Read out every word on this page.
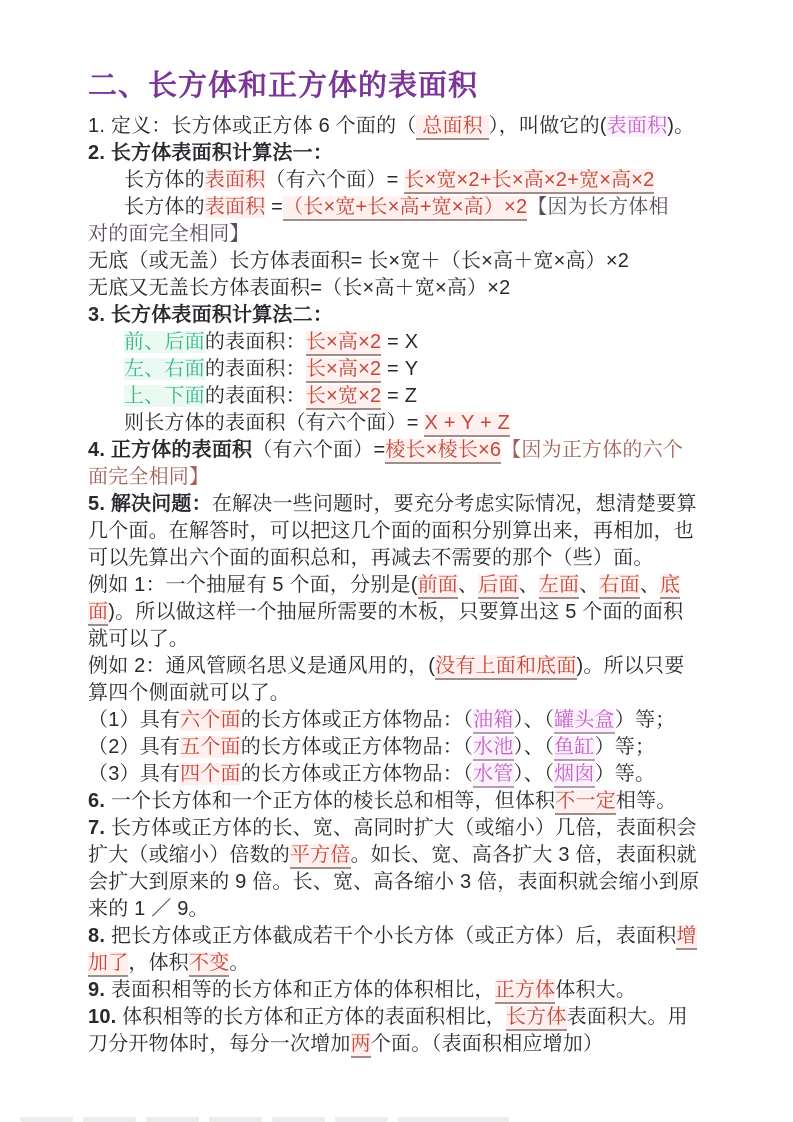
二、长方体和正方体的表面积
1. 定义：长方体或正方体 6 个面的（ 总面积 ），叫做它的(表面积)。
2. 长方体表面积计算法一：
长方体的表面积（有六个面）= 长×宽×2+长×高×2+宽×高×2
长方体的表面积 =（长×宽+长×高+宽×高）×2【因为长方体相
对的面完全相同】
无底（或无盖）长方体表面积= 长×宽＋（长×高＋宽×高）×2
无底又无盖长方体表面积=（长×高＋宽×高）×2
3. 长方体表面积计算法二：
前、后面的表面积：长×高×2 = X
左、右面的表面积：长×高×2 = Y
上、下面的表面积：长×宽×2 = Z
则长方体的表面积（有六个面）= X + Y + Z
4. 正方体的表面积（有六个面）=棱长×棱长×6【因为正方体的六个
面完全相同】
5. 解决问题：在解决一些问题时，要充分考虑实际情况，想清楚要算
几个面。在解答时，可以把这几个面的面积分别算出来，再相加，也
可以先算出六个面的面积总和，再减去不需要的那个（些）面。
例如 1：一个抽屉有 5 个面，分别是(前面、后面、左面、右面、底
面)。所以做这样一个抽屉所需要的木板，只要算出这 5 个面的面积
就可以了。
例如 2：通风管顾名思义是通风用的，(没有上面和底面)。所以只要
算四个侧面就可以了。
（1）具有六个面的长方体或正方体物品：（油箱）、（罐头盒）等；
（2）具有五个面的长方体或正方体物品：（水池）、（鱼缸）等；
（3）具有四个面的长方体或正方体物品：（水管）、（烟囱）等。
6. 一个长方体和一个正方体的棱长总和相等，但体积不一定相等。
7. 长方体或正方体的长、宽、高同时扩大（或缩小）几倍，表面积会
扩大（或缩小）倍数的平方倍。如长、宽、高各扩大 3 倍，表面积就
会扩大到原来的 9 倍。长、宽、高各缩小 3 倍，表面积就会缩小到原
来的 1 ／ 9。
8. 把长方体或正方体截成若干个小长方体（或正方体）后，表面积增
加了，体积不变。
9. 表面积相等的长方体和正方体的体积相比，正方体体积大。
10. 体积相等的长方体和正方体的表面积相比，长方体表面积大。用
刀分开物体时，每分一次增加两个面。（表面积相应增加）
